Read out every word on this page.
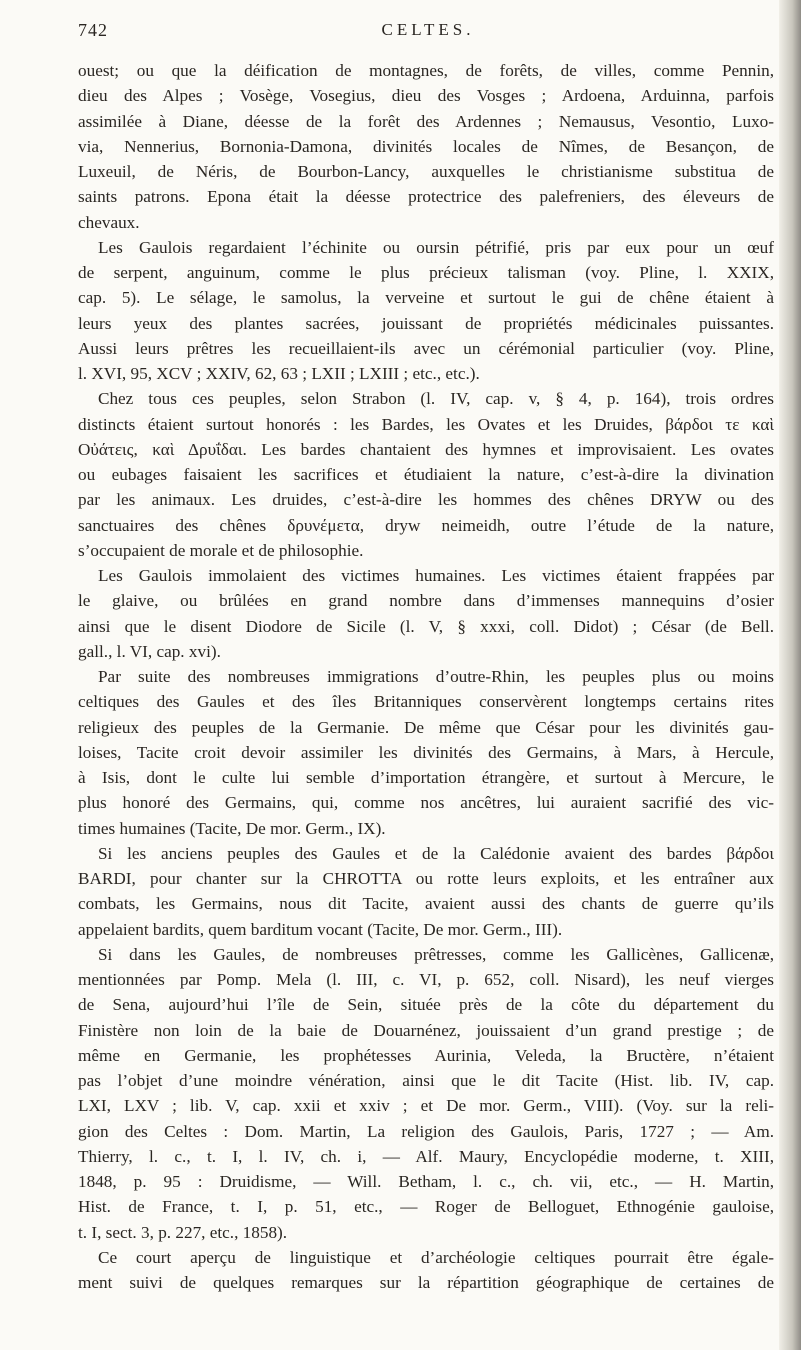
742	CELTES.
ouest; ou que la déification de montagnes, de forêts, de villes, comme Pennin,
dieu des Alpes ; Vosège, Vosegius, dieu des Vosges ; Ardoena, Arduinna, parfois
assimilée à Diane, déesse de la forêt des Ardennes ; Nemausus, Vesontio, Luxo-
via, Nennerius, Bornonia-Damona, divinités locales de Nîmes, de Besançon, de
Luxeuil, de Néris, de Bourbon-Lancy, auxquelles le christianisme substitua de
saints patrons. Epona était la déesse protectrice des palefreniers, des éleveurs de
chevaux.
Les Gaulois regardaient l’échinite ou oursin pétrifié, pris par eux pour un œuf
de serpent, anguinum, comme le plus précieux talisman (voy. Pline, l. XXIX,
cap. 5). Le sélage, le samolus, la verveine et surtout le gui de chêne étaient à
leurs yeux des plantes sacrées, jouissant de propriétés médicinales puissantes.
Aussi leurs prêtres les recueillaient-ils avec un cérémonial particulier (voy. Pline,
l. XVI, 95, XCV ; XXIV, 62, 63 ; LXII ; LXIII ; etc., etc.).
Chez tous ces peuples, selon Strabon (l. IV, cap. v, § 4, p. 164), trois ordres
distincts étaient surtout honorés : les Bardes, les Ovates et les Druides, βάρδοι τε καὶ
Οὐάτεις, καὶ Δρυΐδαι. Les bardes chantaient des hymnes et improvisaient. Les ovates
ou eubages faisaient les sacrifices et étudiaient la nature, c’est-à-dire la divination
par les animaux. Les druides, c’est-à-dire les hommes des chênes DRYW ou des
sanctuaires des chênes δρυνέμετα, dryw neimeidh, outre l’étude de la nature,
s’occupaient de morale et de philosophie.
Les Gaulois immolaient des victimes humaines. Les victimes étaient frappées par
le glaive, ou brûlées en grand nombre dans d’immenses mannequins d’osier
ainsi que le disent Diodore de Sicile (l. V, § xxxi, coll. Didot) ; César (de Bell.
gall., l. VI, cap. xvi).
Par suite des nombreuses immigrations d’outre-Rhin, les peuples plus ou moins
celtiques des Gaules et des îles Britanniques conservèrent longtemps certains rites
religieux des peuples de la Germanie. De même que César pour les divinités gau-
loises, Tacite croit devoir assimiler les divinités des Germains, à Mars, à Hercule,
à Isis, dont le culte lui semble d’importation étrangère, et surtout à Mercure, le
plus honoré des Germains, qui, comme nos ancêtres, lui auraient sacrifié des vic-
times humaines (Tacite, De mor. Germ., IX).
Si les anciens peuples des Gaules et de la Calédonie avaient des bardes βάρδοι
BARDI, pour chanter sur la CHROTTA ou rotte leurs exploits, et les entraîner aux
combats, les Germains, nous dit Tacite, avaient aussi des chants de guerre qu’ils
appelaient bardits, quem barditum vocant (Tacite, De mor. Germ., III).
Si dans les Gaules, de nombreuses prêtresses, comme les Gallicènes, Gallicenæ,
mentionnées par Pomp. Mela (l. III, c. VI, p. 652, coll. Nisard), les neuf vierges
de Sena, aujourd’hui l’île de Sein, située près de la côte du département du
Finistère non loin de la baie de Douarnénez, jouissaient d’un grand prestige ; de
même en Germanie, les prophétesses Aurinia, Veleda, la Bructère, n’étaient
pas l’objet d’une moindre vénération, ainsi que le dit Tacite (Hist. lib. IV, cap.
LXI, LXV ; lib. V, cap. xxii et xxiv ; et De mor. Germ., VIII). (Voy. sur la reli-
gion des Celtes : Dom. Martin, La religion des Gaulois, Paris, 1727 ; — Am.
Thierry, l. c., t. I, l. IV, ch. i, — Alf. Maury, Encyclopédie moderne, t. XIII,
1848, p. 95 : Druidisme, — Will. Betham, l. c., ch. vii, etc., — H. Martin,
Hist. de France, t. I, p. 51, etc., — Roger de Belloguet, Ethnogénie gauloise,
t. I, sect. 3, p. 227, etc., 1858).
Ce court aperçu de linguistique et d’archéologie celtiques pourrait être égale-
ment suivi de quelques remarques sur la répartition géographique de certaines de
